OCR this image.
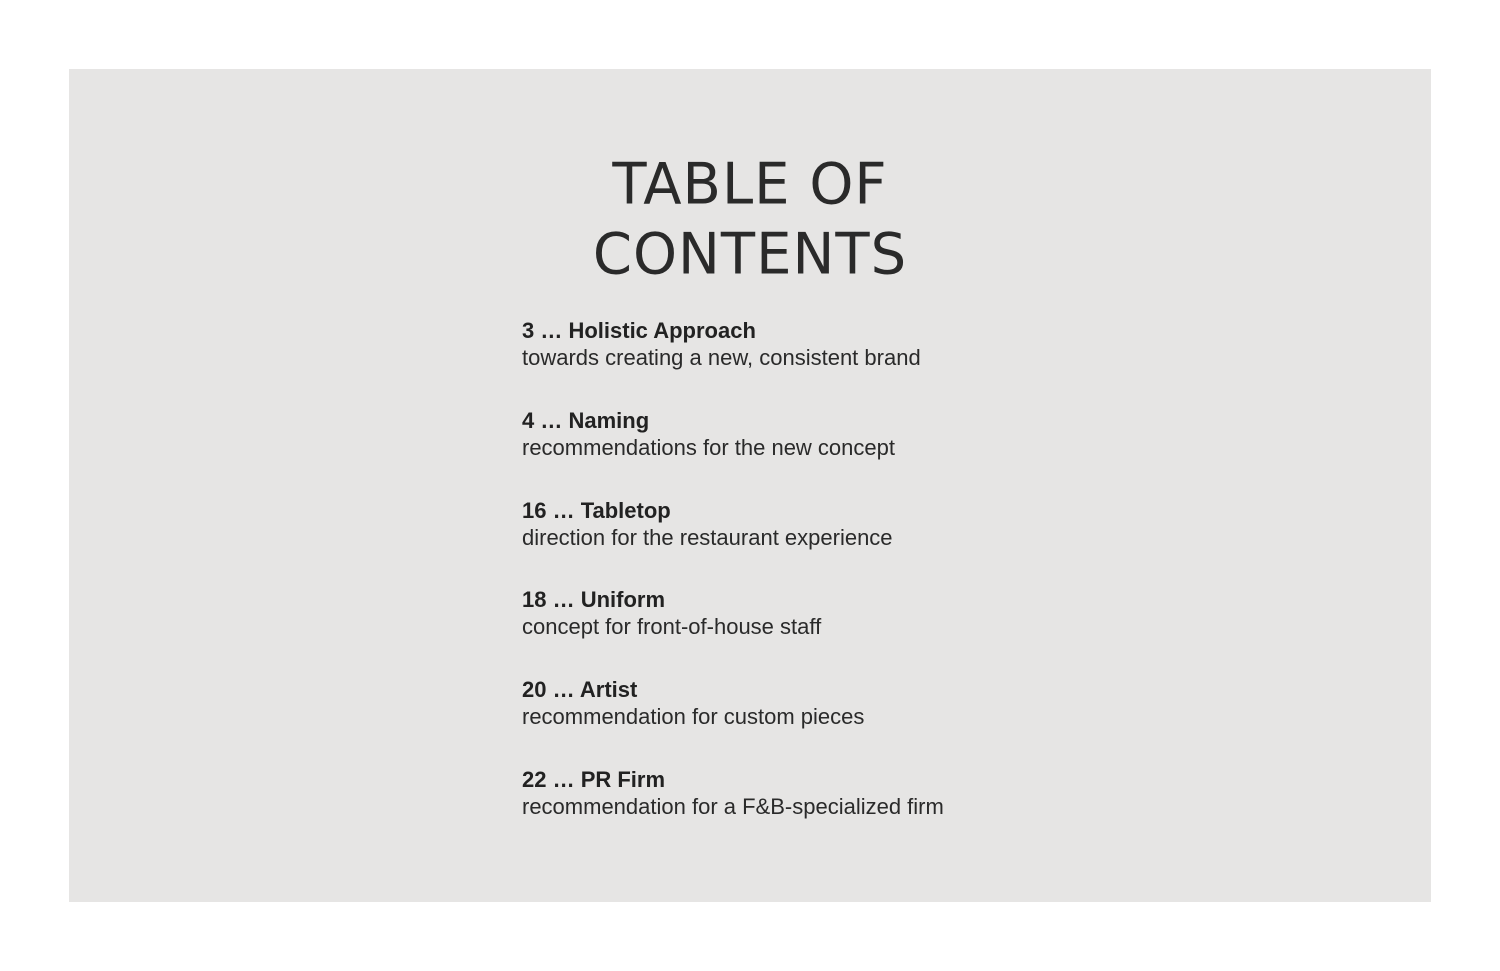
TABLE OF
CONTENTS
3 … Holistic Approach
towards creating a new, consistent brand
4 … Naming
recommendations for the new concept
16 … Tabletop
direction for the restaurant experience
18 … Uniform
concept for front-of-house staff
20 … Artist
recommendation for custom pieces
22 … PR Firm
recommendation for a F&B-specialized firm
